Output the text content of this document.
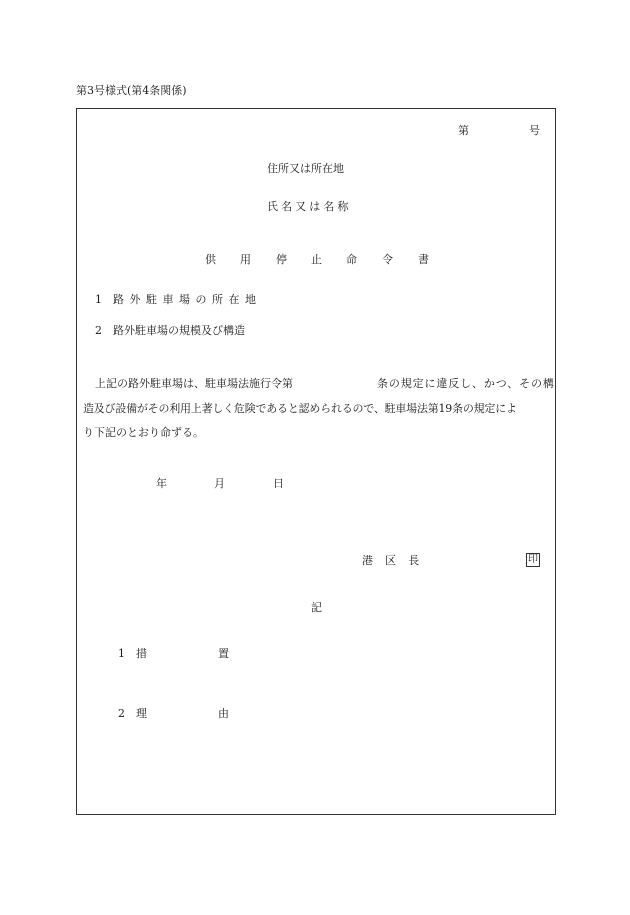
第3号様式(第4条関係)
第	号
住所又は所在地
氏名又は名称
供 用 停 止 命 令 書
1 路外駐車場の所在地
2 路外駐車場の規模及び構造
上記の路外駐車場は、駐車場法施行令第	条の規定に違反し、かつ、その構
造及び設備がその利用上著しく危険であると認められるので、駐車場法第19条の規定によ
り下記のとおり命ずる。
年	月	日
港区長	印
記
1 措	置
2 理	由
